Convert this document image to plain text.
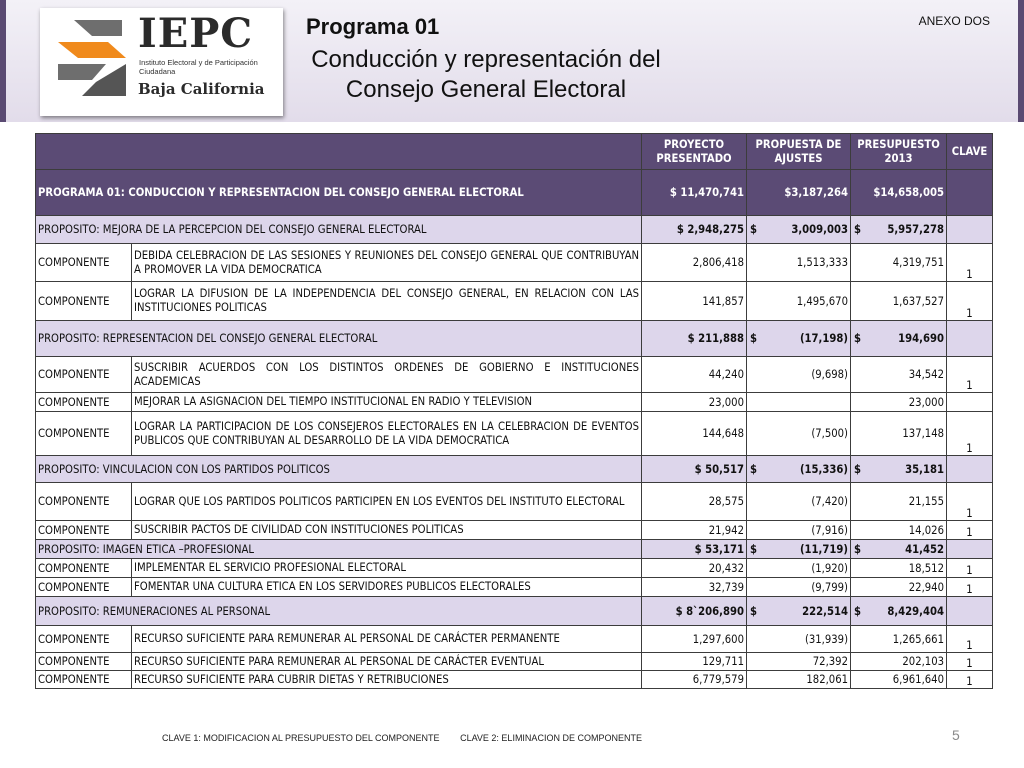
IEPC
Instituto Electoral y de Participación Ciudadana
Baja California
Programa 01
Conducción y representación del Consejo General Electoral
ANEXO DOS
		PROYECTO PRESENTADO	PROPUESTA DE AJUSTES	PRESUPUESTO 2013	CLAVE
PROGRAMA 01: CONDUCCION Y REPRESENTACION DEL CONSEJO GENERAL ELECTORAL		$ 11,470,741	$3,187,264	$14,658,005	
PROPOSITO: MEJORA DE LA PERCEPCION DEL CONSEJO GENERAL ELECTORAL		$ 2,948,275	$ 3,009,003	$ 5,957,278	
COMPONENTE	DEBIDA CELEBRACION DE LAS SESIONES Y REUNIONES DEL CONSEJO GENERAL QUE CONTRIBUYAN A PROMOVER LA VIDA DEMOCRATICA	2,806,418	1,513,333	4,319,751	1
COMPONENTE	LOGRAR LA DIFUSION DE LA INDEPENDENCIA DEL CONSEJO GENERAL, EN RELACION CON LAS INSTITUCIONES POLITICAS	141,857	1,495,670	1,637,527	1
PROPOSITO: REPRESENTACION DEL CONSEJO GENERAL ELECTORAL		$ 211,888	$ (17,198)	$ 194,690	
COMPONENTE	SUSCRIBIR ACUERDOS CON LOS DISTINTOS ORDENES DE GOBIERNO E INSTITUCIONES ACADEMICAS	44,240	(9,698)	34,542	1
COMPONENTE	MEJORAR LA ASIGNACION DEL TIEMPO INSTITUCIONAL EN RADIO Y TELEVISION	23,000		23,000	
COMPONENTE	LOGRAR LA PARTICIPACION DE LOS CONSEJEROS ELECTORALES EN LA CELEBRACION DE EVENTOS PUBLICOS QUE CONTRIBUYAN AL DESARROLLO DE LA VIDA DEMOCRATICA	144,648	(7,500)	137,148	1
PROPOSITO: VINCULACION CON LOS PARTIDOS POLITICOS		$ 50,517	$ (15,336)	$ 35,181	
COMPONENTE	LOGRAR QUE LOS PARTIDOS POLITICOS PARTICIPEN EN LOS EVENTOS DEL INSTITUTO ELECTORAL	28,575	(7,420)	21,155	1
COMPONENTE	SUSCRIBIR PACTOS DE CIVILIDAD CON INSTITUCIONES POLITICAS	21,942	(7,916)	14,026	1
PROPOSITO: IMAGEN ETICA –PROFESIONAL		$ 53,171	$ (11,719)	$ 41,452	
COMPONENTE	IMPLEMENTAR EL SERVICIO PROFESIONAL ELECTORAL	20,432	(1,920)	18,512	1
COMPONENTE	FOMENTAR UNA CULTURA ETICA EN LOS SERVIDORES PUBLICOS ELECTORALES	32,739	(9,799)	22,940	1
PROPOSITO: REMUNERACIONES AL PERSONAL		$ 8`206,890	$ 222,514	$ 8,429,404	
COMPONENTE	RECURSO SUFICIENTE PARA REMUNERAR AL PERSONAL DE CARÁCTER PERMANENTE	1,297,600	(31,939)	1,265,661	1
COMPONENTE	RECURSO SUFICIENTE PARA REMUNERAR AL PERSONAL DE CARÁCTER EVENTUAL	129,711	72,392	202,103	1
COMPONENTE	RECURSO SUFICIENTE PARA CUBRIR DIETAS Y RETRIBUCIONES	6,779,579	182,061	6,961,640	1
CLAVE 1: MODIFICACION AL PRESUPUESTO DEL COMPONENTE CLAVE 2: ELIMINACION DE COMPONENTE	5
